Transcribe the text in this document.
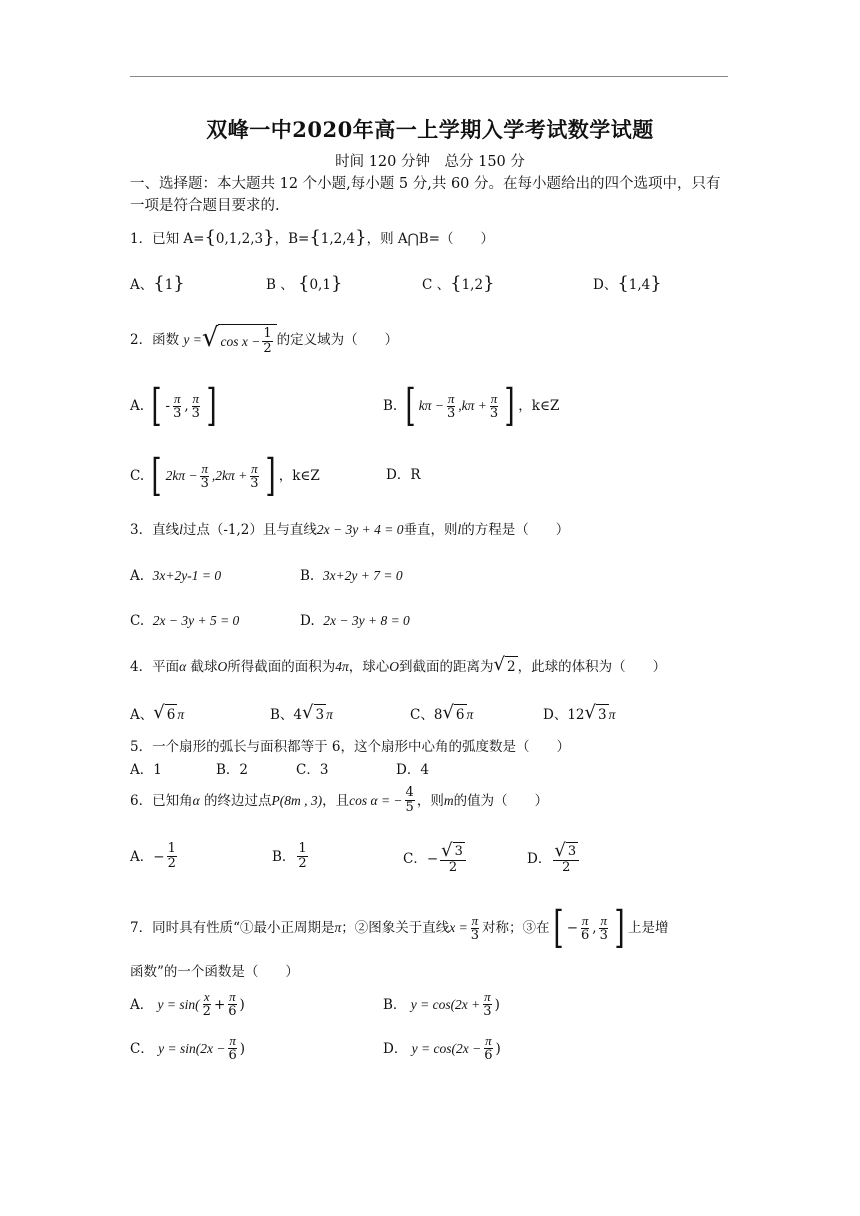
双峰一中2020年高一上学期入学考试数学试题
时间 120 分钟　总分 150 分
一、选择题：本大题共 12 个小题,每小题 5 分,共 60 分。在每小题给出的四个选项中，只有一项是符合题目要求的.
1．已知 A={0,1,2,3}，B={1,2,4}，则 A⋂B=（　　）
A、{1}	B 、 {0,1}	C 、{1,2}	D、{1,4}
2．函数
y = √ $\cos x - \frac{1}{2}$ 的定义域为（　　）
A.
[ - $\frac{\pi}{3}$ , $\frac{\pi}{3}$ ]	B.
[ $k\pi - \frac{\pi}{3} ,k\pi + \frac{\pi}{3}$ ] ，k∈Z
C.
[ $2k\pi - \frac{\pi}{3} ,2k\pi + \frac{\pi}{3}$ ] ，k∈Z	D．R
3．直线l过点（-1,2）且与直线2x − 3y + 4 = 0垂直，则l的方程是（　　）
A. 3x+2y-1 = 0	B. 3x+2y + 7 = 0
C. 2x − 3y + 5 = 0	D. 2x − 3y + 8 = 0
4．平面 α
截球 O 所得截面的面积为 4π ，球心 O 到截面的距离为 √ 2 ，此球的体积为（　　）
A、 √ 6 π	B、 4 √ 3 π	C、 8 √ 6 π	D、 12 √ 3 π
5．一个扇形的弧长与面积都等于 6，这个扇形中心角的弧度数是（　　）
A．1	B．2	C．3	D．4
6．已知角 α
的终边过点 P(8m , 3) ，且 cos α = − $\frac{4}{5}$ ，则 m 的值为（　　）
A． − $\frac{1}{2}$	B． $\frac{1}{2}$	C． − $\frac{√ 3}{2}$	D． $\frac{√ 3}{2}$
7．同时具有性质“①最小正周期是 π ；②图象关于直线 $x = \frac{\pi}{3}$ 对称；③在 [ − $\frac{\pi}{6}$ , $\frac{\pi}{3}$ ] 上是增
函数”的一个函数是（　　）
A．
$y = \sin( \frac{x}{2} + \frac{\pi}{6}$ )	B．
$y = \cos(2x + \frac{\pi}{3}$ )
C．
$y = \sin(2x - \frac{\pi}{6}$ )	D．
$y = \cos(2x - \frac{\pi}{6}$ )
